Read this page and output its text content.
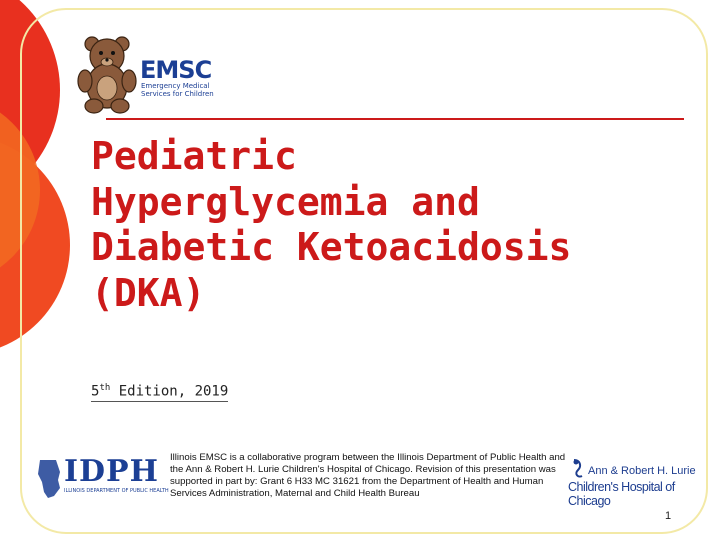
EMSC
Emergency Medical Services for Children
Pediatric
Hyperglycemia and
Diabetic Ketoacidosis
(DKA)
5th Edition, 2019
IDPH
ILLINOIS DEPARTMENT OF PUBLIC HEALTH
Illinois EMSC is a collaborative program between the Illinois Department of Public Health and the Ann & Robert H. Lurie Children's Hospital of Chicago. Revision of this presentation was supported in part by: Grant 6 H33 MC 31621 from the Department of Health and Human Services Administration, Maternal and Child Health Bureau
Ann & Robert H. Lurie
Children's Hospital of Chicago
1
